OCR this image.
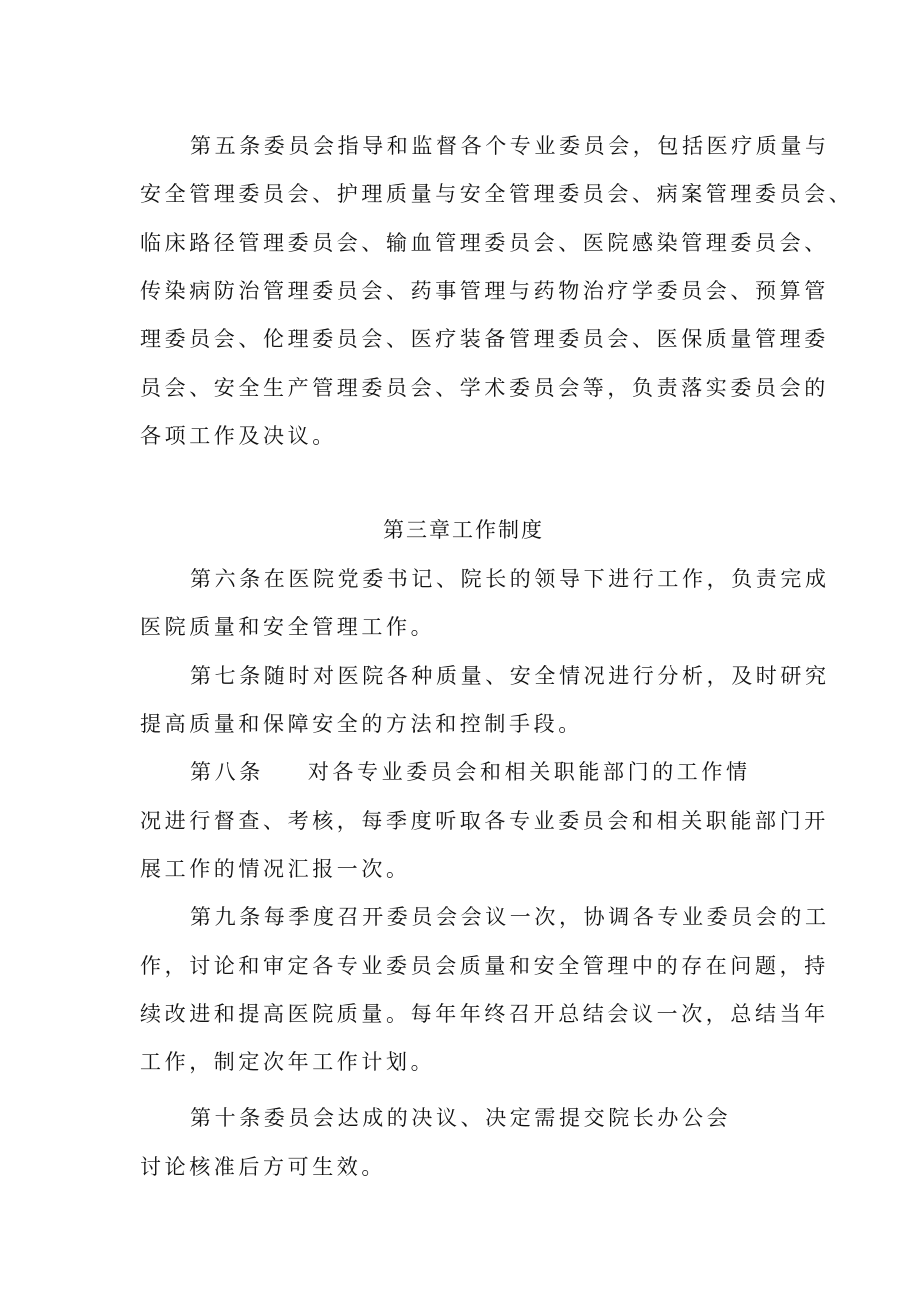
第五条委员会指导和监督各个专业委员会，包括医疗质量与
安全管理委员会、护理质量与安全管理委员会、病案管理委员会、
临床路径管理委员会、输血管理委员会、医院感染管理委员会、
传染病防治管理委员会、药事管理与药物治疗学委员会、预算管
理委员会、伦理委员会、医疗装备管理委员会、医保质量管理委
员会、安全生产管理委员会、学术委员会等，负责落实委员会的
各项工作及决议。
第三章工作制度
第六条在医院党委书记、院长的领导下进行工作，负责完成
医院质量和安全管理工作。
第七条随时对医院各种质量、安全情况进行分析，及时研究
提高质量和保障安全的方法和控制手段。
第八条 对各专业委员会和相关职能部门的工作情
况进行督查、考核，每季度听取各专业委员会和相关职能部门开
展工作的情况汇报一次。
第九条每季度召开委员会会议一次，协调各专业委员会的工
作，讨论和审定各专业委员会质量和安全管理中的存在问题，持
续改进和提高医院质量。每年年终召开总结会议一次，总结当年
工作，制定次年工作计划。
第十条委员会达成的决议、决定需提交院长办公会
讨论核准后方可生效。
